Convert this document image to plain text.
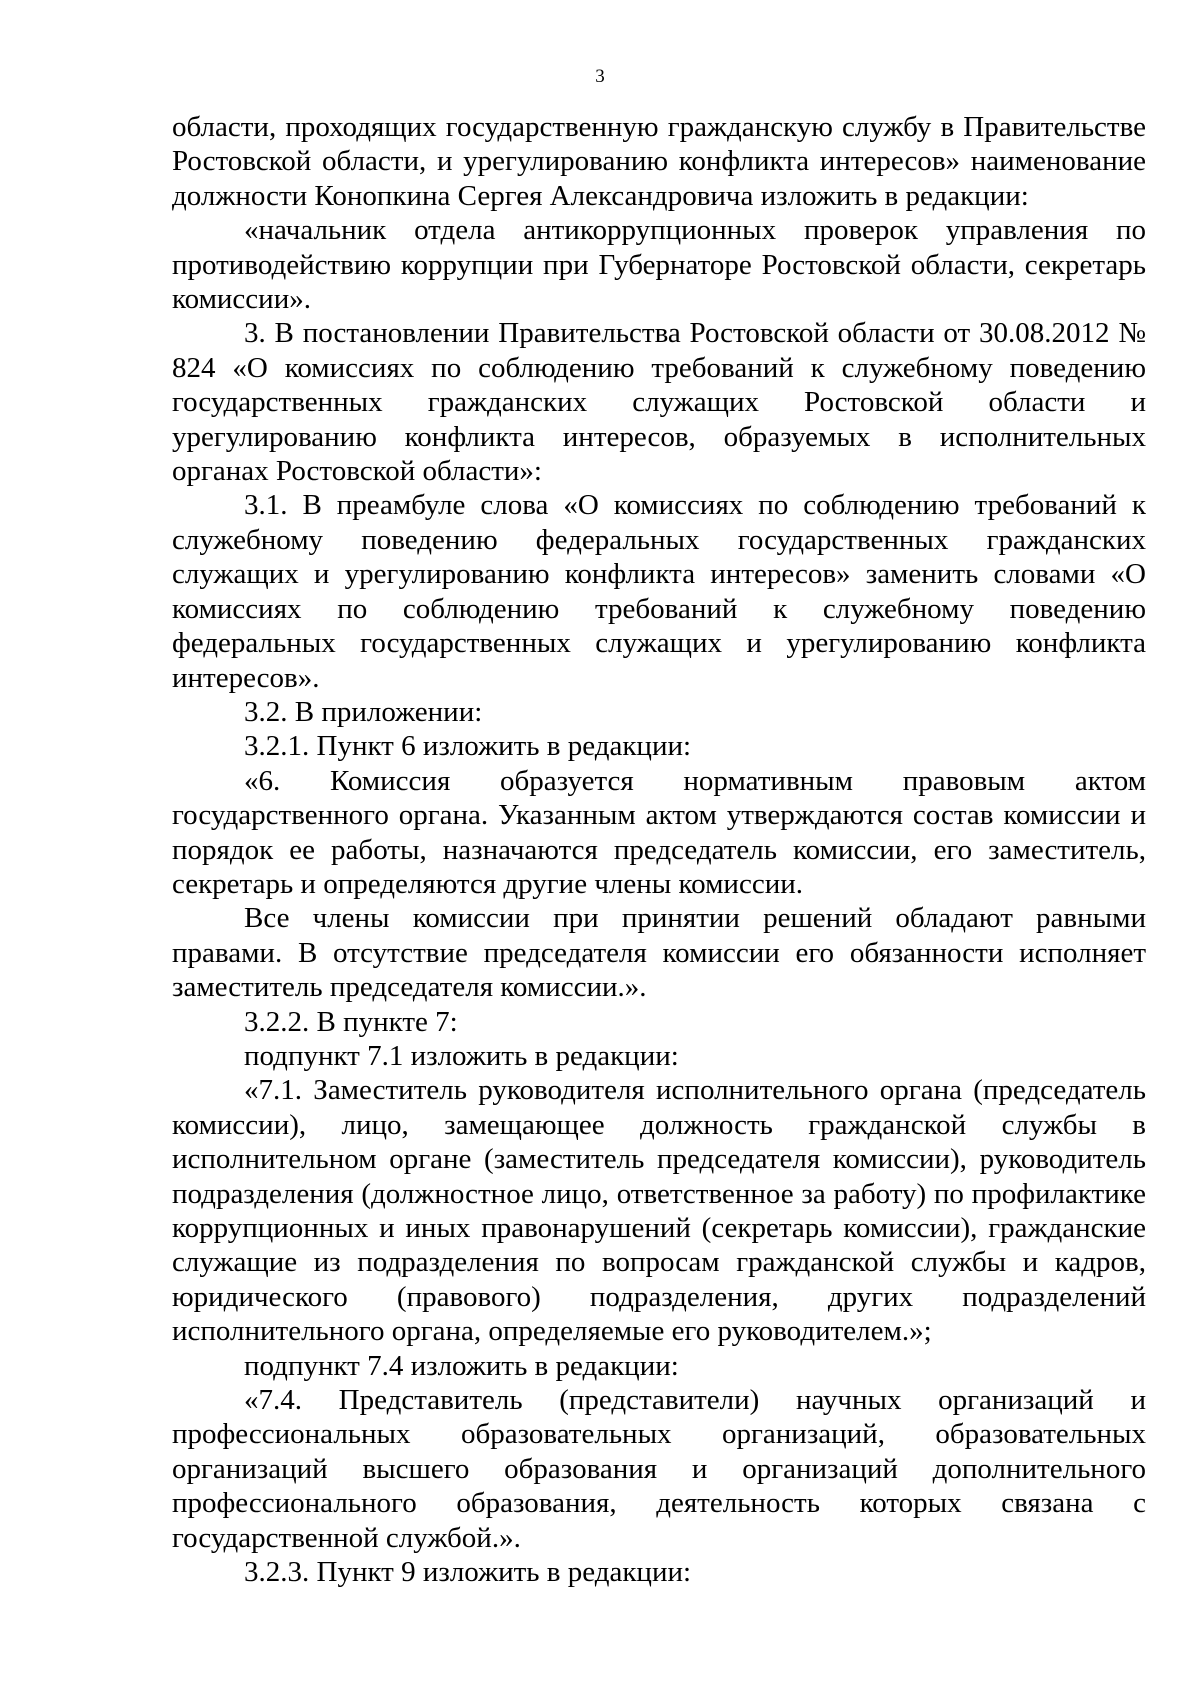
3

области, проходящих государственную гражданскую службу в Правительстве Ростовской области, и урегулированию конфликта интересов» наименование должности Конопкина Сергея Александровича изложить в редакции:

«начальник отдела антикоррупционных проверок управления по противодействию коррупции при Губернаторе Ростовской области, секретарь комиссии».

3. В постановлении Правительства Ростовской области от 30.08.2012 № 824 «О комиссиях по соблюдению требований к служебному поведению государственных гражданских служащих Ростовской области и урегулированию конфликта интересов, образуемых в исполнительных органах Ростовской области»:

3.1. В преамбуле слова «О комиссиях по соблюдению требований к служебному поведению федеральных государственных гражданских служащих и урегулированию конфликта интересов» заменить словами «О комиссиях по соблюдению требований к служебному поведению федеральных государственных служащих и урегулированию конфликта интересов».

3.2. В приложении:

3.2.1. Пункт 6 изложить в редакции:

«6. Комиссия образуется нормативным правовым актом государственного органа. Указанным актом утверждаются состав комиссии и порядок ее работы, назначаются председатель комиссии, его заместитель, секретарь и определяются другие члены комиссии.

Все члены комиссии при принятии решений обладают равными правами. В отсутствие председателя комиссии его обязанности исполняет заместитель председателя комиссии.».

3.2.2. В пункте 7:

подпункт 7.1 изложить в редакции:

«7.1. Заместитель руководителя исполнительного органа (председатель комиссии), лицо, замещающее должность гражданской службы в исполнительном органе (заместитель председателя комиссии), руководитель подразделения (должностное лицо, ответственное за работу) по профилактике коррупционных и иных правонарушений (секретарь комиссии), гражданские служащие из подразделения по вопросам гражданской службы и кадров, юридического (правового) подразделения, других подразделений исполнительного органа, определяемые его руководителем.»;

подпункт 7.4 изложить в редакции:

«7.4. Представитель (представители) научных организаций и профессиональных образовательных организаций, образовательных организаций высшего образования и организаций дополнительного профессионального образования, деятельность которых связана с государственной службой.».

3.2.3. Пункт 9 изложить в редакции:
